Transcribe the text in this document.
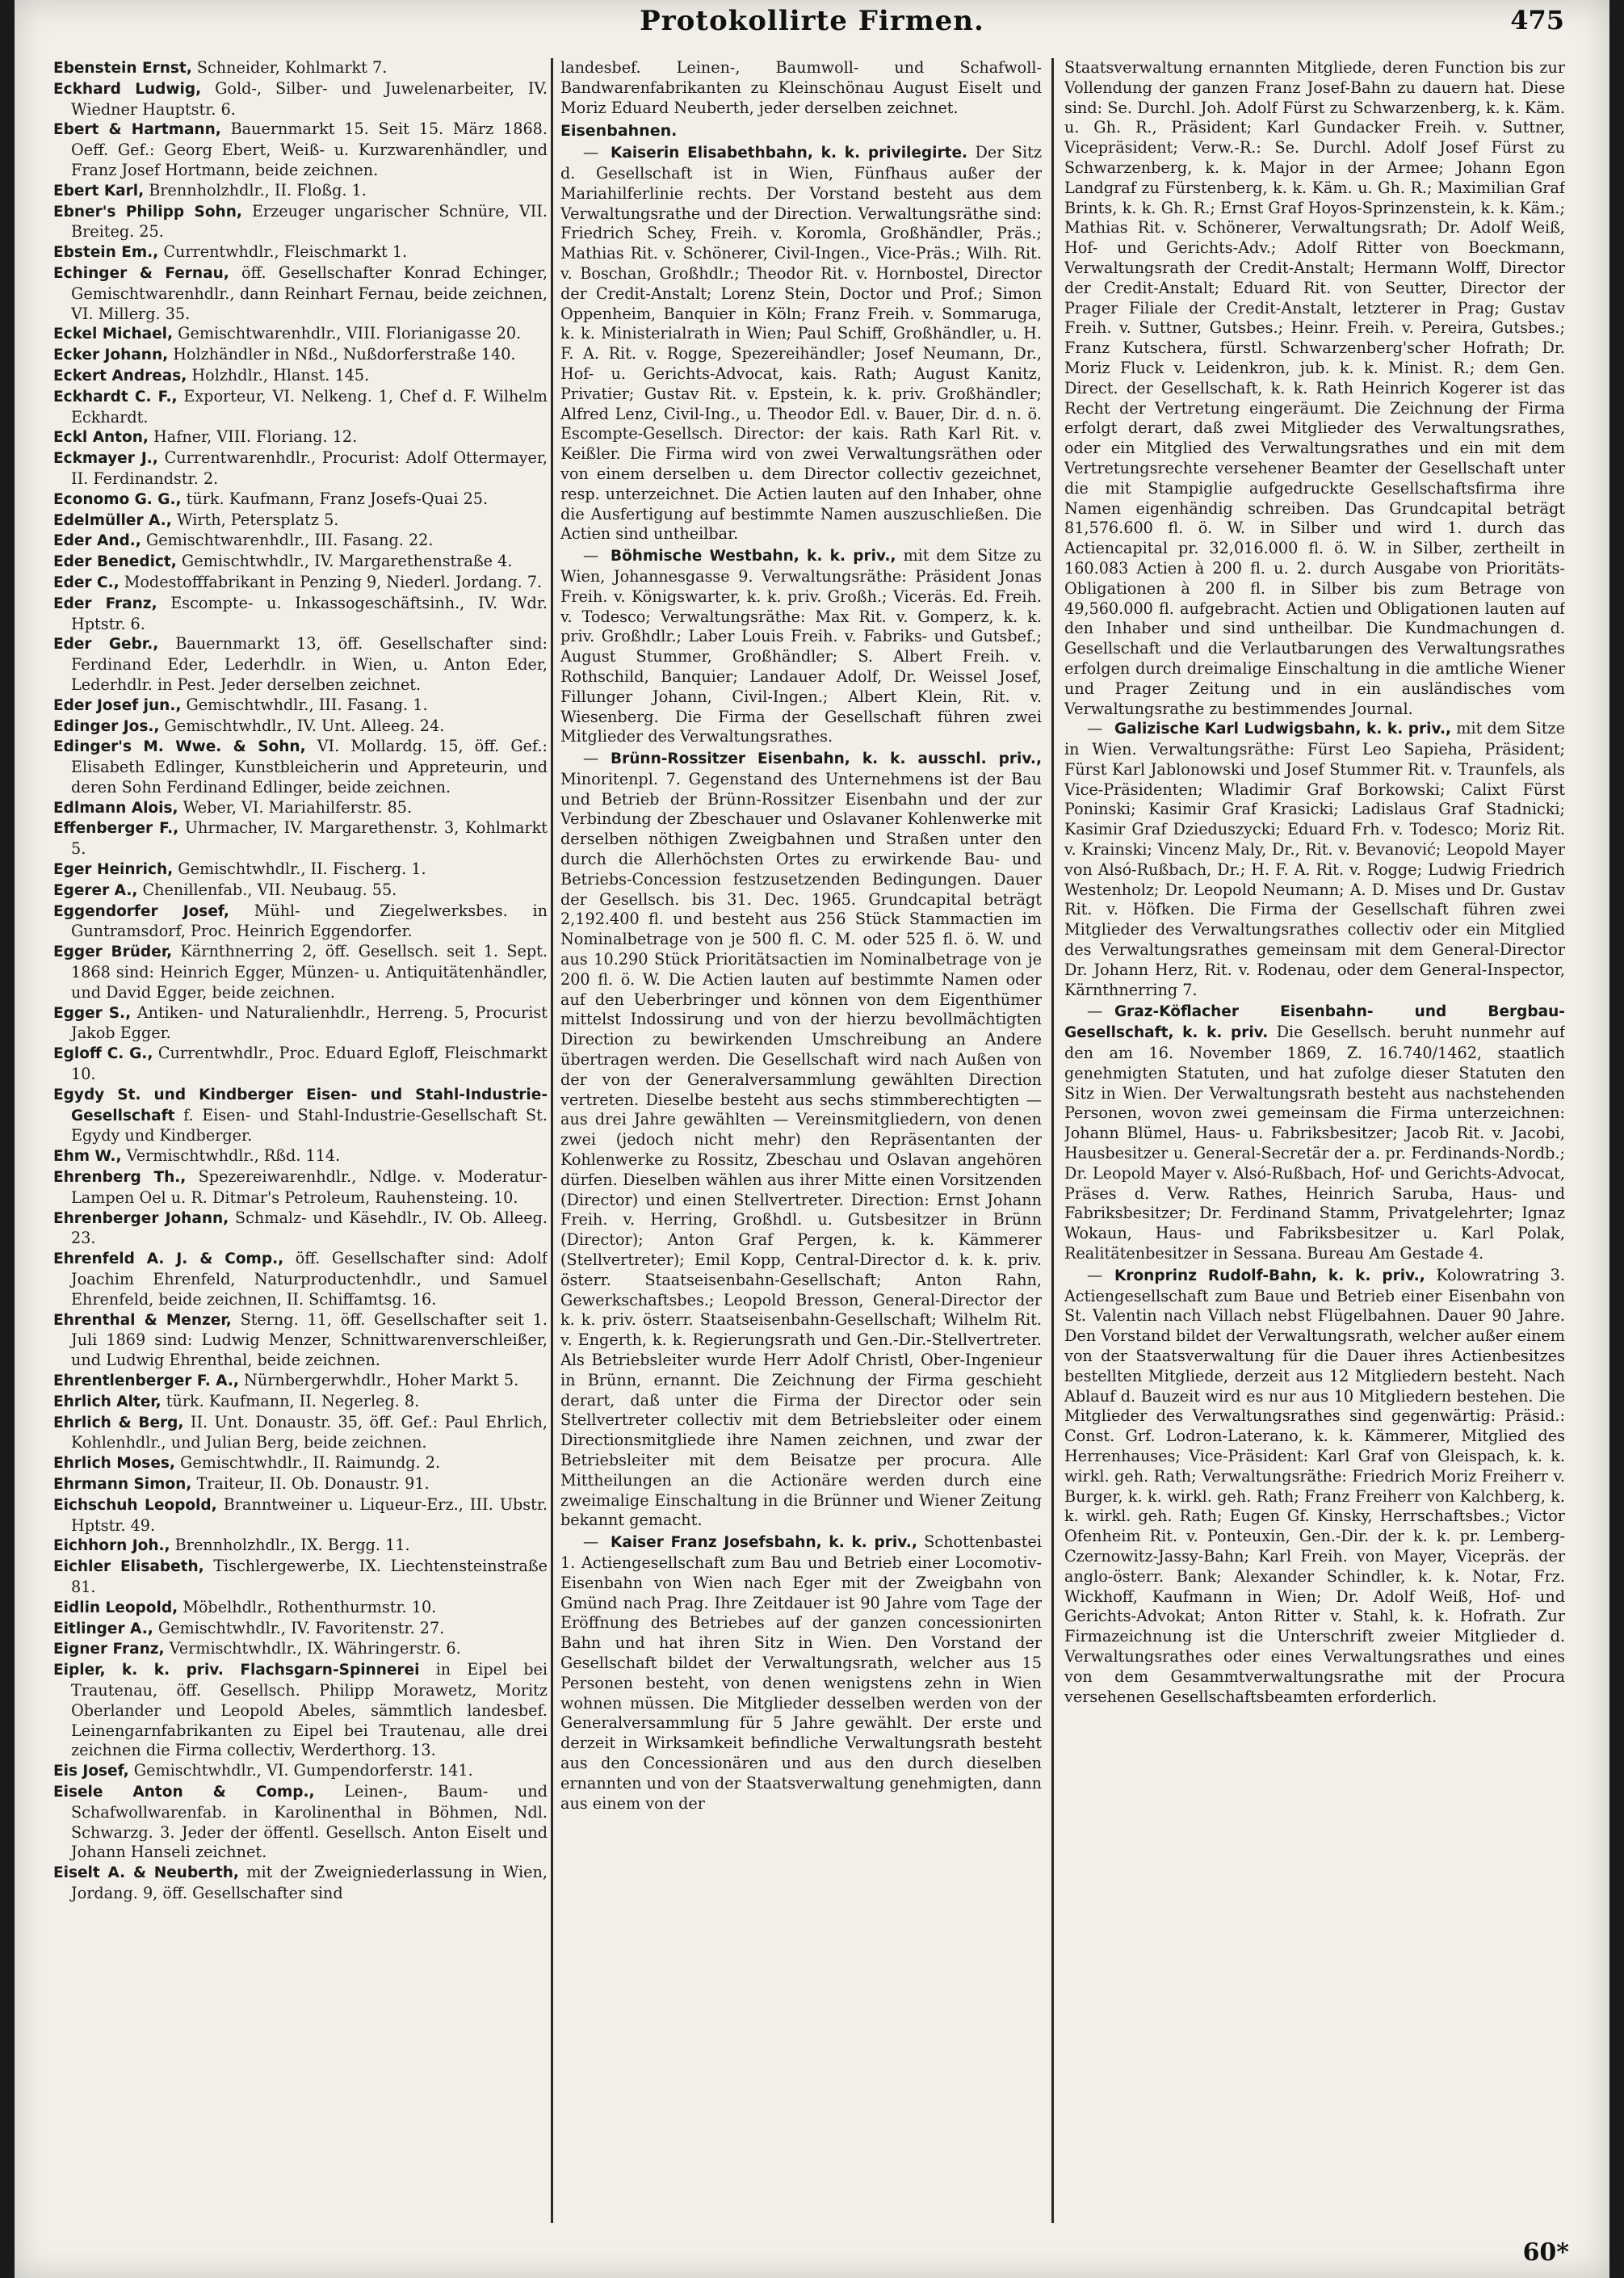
Protokollirte Firmen.	475
Ebenstein Ernst, Schneider, Kohlmarkt 7.
Eckhard Ludwig, Gold-, Silber- und Juwelenarbeiter, IV. Wiedner Hauptstr. 6.
Ebert & Hartmann, Bauernmarkt 15. Seit 15. März 1868. Oeff. Gef.: Georg Ebert, Weiß- u. Kurzwarenhändler, und Franz Josef Hortmann, beide zeichnen.
Ebert Karl, Brennholzhdlr., II. Floßg. 1.
Ebner's Philipp Sohn, Erzeuger ungarischer Schnüre, VII. Breiteg. 25.
Ebstein Em., Currentwhdlr., Fleischmarkt 1.
Echinger & Fernau, öff. Gesellschafter Konrad Echinger, Gemischtwarenhdlr., dann Reinhart Fernau, beide zeichnen, VI. Millerg. 35.
Eckel Michael, Gemischtwarenhdlr., VIII. Florianigasse 20.
Ecker Johann, Holzhändler in Nßd., Nußdorferstraße 140.
Eckert Andreas, Holzhdlr., Hlanst. 145.
Eckhardt C. F., Exporteur, VI. Nelkeng. 1, Chef d. F. Wilhelm Eckhardt.
Eckl Anton, Hafner, VIII. Floriang. 12.
Eckmayer J., Currentwarenhdlr., Procurist: Adolf Ottermayer, II. Ferdinandstr. 2.
Economo G. G., türk. Kaufmann, Franz Josefs-Quai 25.
Edelmüller A., Wirth, Petersplatz 5.
Eder And., Gemischtwarenhdlr., III. Fasang. 22.
Eder Benedict, Gemischtwhdlr., IV. Margarethenstraße 4.
Eder C., Modestofffabrikant in Penzing 9, Niederl. Jordang. 7.
Eder Franz, Escompte- u. Inkassogeschäftsinh., IV. Wdr. Hptstr. 6.
Eder Gebr., Bauernmarkt 13, öff. Gesellschafter sind: Ferdinand Eder, Lederhdlr. in Wien, u. Anton Eder, Lederhdlr. in Pest. Jeder derselben zeichnet.
Eder Josef jun., Gemischtwhdlr., III. Fasang. 1.
Edinger Jos., Gemischtwhdlr., IV. Unt. Alleeg. 24.
Edinger's M. Wwe. & Sohn, VI. Mollardg. 15, öff. Gef.: Elisabeth Edlinger, Kunstbleicherin und Appreteurin, und deren Sohn Ferdinand Edlinger, beide zeichnen.
Edlmann Alois, Weber, VI. Mariahilferstr. 85.
Effenberger F., Uhrmacher, IV. Margarethenstr. 3, Kohlmarkt 5.
Eger Heinrich, Gemischtwhdlr., II. Fischerg. 1.
Egerer A., Chenillenfab., VII. Neubaug. 55.
Eggendorfer Josef, Mühl- und Ziegelwerksbes. in Guntramsdorf, Proc. Heinrich Eggendorfer.
Egger Brüder, Kärnthnerring 2, öff. Gesellsch. seit 1. Sept. 1868 sind: Heinrich Egger, Münzen- u. Antiquitätenhändler, und David Egger, beide zeichnen.
Egger S., Antiken- und Naturalienhdlr., Herreng. 5, Procurist Jakob Egger.
Egloff C. G., Currentwhdlr., Proc. Eduard Egloff, Fleischmarkt 10.
Egydy St. und Kindberger Eisen- und Stahl-Industrie-Gesellschaft f. Eisen- und Stahl-Industrie-Gesellschaft St. Egydy und Kindberger.
Ehm W., Vermischtwhdlr., Rßd. 114.
Ehrenberg Th., Spezereiwarenhdlr., Ndlge. v. Moderatur-Lampen Oel u. R. Ditmar's Petroleum, Rauhensteing. 10.
Ehrenberger Johann, Schmalz- und Käsehdlr., IV. Ob. Alleeg. 23.
Ehrenfeld A. J. & Comp., öff. Gesellschafter sind: Adolf Joachim Ehrenfeld, Naturproductenhdlr., und Samuel Ehrenfeld, beide zeichnen, II. Schiffamtsg. 16.
Ehrenthal & Menzer, Sterng. 11, öff. Gesellschafter seit 1. Juli 1869 sind: Ludwig Menzer, Schnittwarenverschleißer, und Ludwig Ehrenthal, beide zeichnen.
Ehrentlenberger F. A., Nürnbergerwhdlr., Hoher Markt 5.
Ehrlich Alter, türk. Kaufmann, II. Negerleg. 8.
Ehrlich & Berg, II. Unt. Donaustr. 35, öff. Gef.: Paul Ehrlich, Kohlenhdlr., und Julian Berg, beide zeichnen.
Ehrlich Moses, Gemischtwhdlr., II. Raimundg. 2.
Ehrmann Simon, Traiteur, II. Ob. Donaustr. 91.
Eichschuh Leopold, Branntweiner u. Liqueur-Erz., III. Ubstr. Hptstr. 49.
Eichhorn Joh., Brennholzhdlr., IX. Bergg. 11.
Eichler Elisabeth, Tischlergewerbe, IX. Liechtensteinstraße 81.
Eidlin Leopold, Möbelhdlr., Rothenthurmstr. 10.
Eitlinger A., Gemischtwhdlr., IV. Favoritenstr. 27.
Eigner Franz, Vermischtwhdlr., IX. Währingerstr. 6.
Eipler, k. k. priv. Flachsgarn-Spinnerei in Eipel bei Trautenau, öff. Gesellsch. Philipp Morawetz, Moritz Oberlander und Leopold Abeles, sämmtlich landesbef. Leinengarnfabrikanten zu Eipel bei Trautenau, alle drei zeichnen die Firma collectiv, Werderthorg. 13.
Eis Josef, Gemischtwhdlr., VI. Gumpendorferstr. 141.
Eisele Anton & Comp., Leinen-, Baum- und Schafwollwarenfab. in Karolinenthal in Böhmen, Ndl. Schwarzg. 3. Jeder der öffentl. Gesellsch. Anton Eiselt und Johann Hanseli zeichnet.
Eiselt A. & Neuberth, mit der Zweigniederlassung in Wien, Jordang. 9, öff. Gesellschafter sind
landesbef. Leinen-, Baumwoll- und Schafwoll-Bandwarenfabrikanten zu Kleinschönau August Eiselt und Moriz Eduard Neuberth, jeder derselben zeichnet.
Eisenbahnen.
— Kaiserin Elisabethbahn, k. k. privilegirte. Der Sitz d. Gesellschaft ist in Wien, Fünfhaus außer der Mariahilferlinie rechts. Der Vorstand besteht aus dem Verwaltungsrathe und der Direction. Verwaltungsräthe sind: Friedrich Schey, Freih. v. Koromla, Großhändler, Präs.; Mathias Rit. v. Schönerer, Civil-Ingen., Vice-Präs.; Wilh. Rit. v. Boschan, Großhdlr.; Theodor Rit. v. Hornbostel, Director der Credit-Anstalt; Lorenz Stein, Doctor und Prof.; Simon Oppenheim, Banquier in Köln; Franz Freih. v. Sommaruga, k. k. Ministerialrath in Wien; Paul Schiff, Großhändler, u. H. F. A. Rit. v. Rogge, Spezereihändler; Josef Neumann, Dr., Hof- u. Gerichts-Advocat, kais. Rath; August Kanitz, Privatier; Gustav Rit. v. Epstein, k. k. priv. Großhändler; Alfred Lenz, Civil-Ing., u. Theodor Edl. v. Bauer, Dir. d. n. ö. Escompte-Gesellsch. Director: der kais. Rath Karl Rit. v. Keißler. Die Firma wird von zwei Verwaltungsräthen oder von einem derselben u. dem Director collectiv gezeichnet, resp. unterzeichnet. Die Actien lauten auf den Inhaber, ohne die Ausfertigung auf bestimmte Namen auszuschließen. Die Actien sind untheilbar.
— Böhmische Westbahn, k. k. priv., mit dem Sitze zu Wien, Johannesgasse 9. Verwaltungsräthe: Präsident Jonas Freih. v. Königswarter, k. k. priv. Großh.; Viceräs. Ed. Freih. v. Todesco; Verwaltungsräthe: Max Rit. v. Gomperz, k. k. priv. Großhdlr.; Laber Louis Freih. v. Fabriks- und Gutsbef.; August Stummer, Großhändler; S. Albert Freih. v. Rothschild, Banquier; Landauer Adolf, Dr. Weissel Josef, Fillunger Johann, Civil-Ingen.; Albert Klein, Rit. v. Wiesenberg. Die Firma der Gesellschaft führen zwei Mitglieder des Verwaltungsrathes.
— Brünn-Rossitzer Eisenbahn, k. k. ausschl. priv., Minoritenpl. 7. Gegenstand des Unternehmens ist der Bau und Betrieb der Brünn-Rossitzer Eisenbahn und der zur Verbindung der Zbeschauer und Oslavaner Kohlenwerke mit derselben nöthigen Zweigbahnen und Straßen unter den durch die Allerhöchsten Ortes zu erwirkende Bau- und Betriebs-Concession festzusetzenden Bedingungen. Dauer der Gesellsch. bis 31. Dec. 1965. Grundcapital beträgt 2,192.400 fl. und besteht aus 256 Stück Stammactien im Nominalbetrage von je 500 fl. C. M. oder 525 fl. ö. W. und aus 10.290 Stück Prioritätsactien im Nominalbetrage von je 200 fl. ö. W. Die Actien lauten auf bestimmte Namen oder auf den Ueberbringer und können von dem Eigenthümer mittelst Indossirung und von der hierzu bevollmächtigten Direction zu bewirkenden Umschreibung an Andere übertragen werden. Die Gesellschaft wird nach Außen von der von der Generalversammlung gewählten Direction vertreten. Dieselbe besteht aus sechs stimmberechtigten — aus drei Jahre gewählten — Vereinsmitgliedern, von denen zwei (jedoch nicht mehr) den Repräsentanten der Kohlenwerke zu Rossitz, Zbeschau und Oslavan angehören dürfen. Dieselben wählen aus ihrer Mitte einen Vorsitzenden (Director) und einen Stellvertreter. Direction: Ernst Johann Freih. v. Herring, Großhdl. u. Gutsbesitzer in Brünn (Director); Anton Graf Pergen, k. k. Kämmerer (Stellvertreter); Emil Kopp, Central-Director d. k. k. priv. österr. Staatseisenbahn-Gesellschaft; Anton Rahn, Gewerkschaftsbes.; Leopold Bresson, General-Director der k. k. priv. österr. Staatseisenbahn-Gesellschaft; Wilhelm Rit. v. Engerth, k. k. Regierungsrath und Gen.-Dir.-Stellvertreter. Als Betriebsleiter wurde Herr Adolf Christl, Ober-Ingenieur in Brünn, ernannt. Die Zeichnung der Firma geschieht derart, daß unter die Firma der Director oder sein Stellvertreter collectiv mit dem Betriebsleiter oder einem Directionsmitgliede ihre Namen zeichnen, und zwar der Betriebsleiter mit dem Beisatze per procura. Alle Mittheilungen an die Actionäre werden durch eine zweimalige Einschaltung in die Brünner und Wiener Zeitung bekannt gemacht.
— Kaiser Franz Josefsbahn, k. k. priv., Schottenbastei 1. Actiengesellschaft zum Bau und Betrieb einer Locomotiv-Eisenbahn von Wien nach Eger mit der Zweigbahn von Gmünd nach Prag. Ihre Zeitdauer ist 90 Jahre vom Tage der Eröffnung des Betriebes auf der ganzen concessionirten Bahn und hat ihren Sitz in Wien. Den Vorstand der Gesellschaft bildet der Verwaltungsrath, welcher aus 15 Personen besteht, von denen wenigstens zehn in Wien wohnen müssen. Die Mitglieder desselben werden von der Generalversammlung für 5 Jahre gewählt. Der erste und derzeit in Wirksamkeit befindliche Verwaltungsrath besteht aus den Concessionären und aus den durch dieselben ernannten und von der Staatsverwaltung genehmigten, dann aus einem von der
Staatsverwaltung ernannten Mitgliede, deren Function bis zur Vollendung der ganzen Franz Josef-Bahn zu dauern hat. Diese sind: Se. Durchl. Joh. Adolf Fürst zu Schwarzenberg, k. k. Käm. u. Gh. R., Präsident; Karl Gundacker Freih. v. Suttner, Vicepräsident; Verw.-R.: Se. Durchl. Adolf Josef Fürst zu Schwarzenberg, k. k. Major in der Armee; Johann Egon Landgraf zu Fürstenberg, k. k. Käm. u. Gh. R.; Maximilian Graf Brints, k. k. Gh. R.; Ernst Graf Hoyos-Sprinzenstein, k. k. Käm.; Mathias Rit. v. Schönerer, Verwaltungsrath; Dr. Adolf Weiß, Hof- und Gerichts-Adv.; Adolf Ritter von Boeckmann, Verwaltungsrath der Credit-Anstalt; Hermann Wolff, Director der Credit-Anstalt; Eduard Rit. von Seutter, Director der Prager Filiale der Credit-Anstalt, letzterer in Prag; Gustav Freih. v. Suttner, Gutsbes.; Heinr. Freih. v. Pereira, Gutsbes.; Franz Kutschera, fürstl. Schwarzenberg'scher Hofrath; Dr. Moriz Fluck v. Leidenkron, jub. k. k. Minist. R.; dem Gen. Direct. der Gesellschaft, k. k. Rath Heinrich Kogerer ist das Recht der Vertretung eingeräumt. Die Zeichnung der Firma erfolgt derart, daß zwei Mitglieder des Verwaltungsrathes, oder ein Mitglied des Verwaltungsrathes und ein mit dem Vertretungsrechte versehener Beamter der Gesellschaft unter die mit Stampiglie aufgedruckte Gesellschaftsfirma ihre Namen eigenhändig schreiben. Das Grundcapital beträgt 81,576.600 fl. ö. W. in Silber und wird 1. durch das Actiencapital pr. 32,016.000 fl. ö. W. in Silber, zertheilt in 160.083 Actien à 200 fl. u. 2. durch Ausgabe von Prioritäts-Obligationen à 200 fl. in Silber bis zum Betrage von 49,560.000 fl. aufgebracht. Actien und Obligationen lauten auf den Inhaber und sind untheilbar. Die Kundmachungen d. Gesellschaft und die Verlautbarungen des Verwaltungsrathes erfolgen durch dreimalige Einschaltung in die amtliche Wiener und Prager Zeitung und in ein ausländisches vom Verwaltungsrathe zu bestimmendes Journal.
— Galizische Karl Ludwigsbahn, k. k. priv., mit dem Sitze in Wien. Verwaltungsräthe: Fürst Leo Sapieha, Präsident; Fürst Karl Jablonowski und Josef Stummer Rit. v. Traunfels, als Vice-Präsidenten; Wladimir Graf Borkowski; Calixt Fürst Poninski; Kasimir Graf Krasicki; Ladislaus Graf Stadnicki; Kasimir Graf Dzieduszycki; Eduard Frh. v. Todesco; Moriz Rit. v. Krainski; Vincenz Maly, Dr., Rit. v. Bevanović; Leopold Mayer von Alsó-Rußbach, Dr.; H. F. A. Rit. v. Rogge; Ludwig Friedrich Westenholz; Dr. Leopold Neumann; A. D. Mises und Dr. Gustav Rit. v. Höfken. Die Firma der Gesellschaft führen zwei Mitglieder des Verwaltungsrathes collectiv oder ein Mitglied des Verwaltungsrathes gemeinsam mit dem General-Director Dr. Johann Herz, Rit. v. Rodenau, oder dem General-Inspector, Kärnthnerring 7.
— Graz-Köflacher Eisenbahn- und Bergbau-Gesellschaft, k. k. priv. Die Gesellsch. beruht nunmehr auf den am 16. November 1869, Z. 16.740/1462, staatlich genehmigten Statuten, und hat zufolge dieser Statuten den Sitz in Wien. Der Verwaltungsrath besteht aus nachstehenden Personen, wovon zwei gemeinsam die Firma unterzeichnen: Johann Blümel, Haus- u. Fabriksbesitzer; Jacob Rit. v. Jacobi, Hausbesitzer u. General-Secretär der a. pr. Ferdinands-Nordb.; Dr. Leopold Mayer v. Alsó-Rußbach, Hof- und Gerichts-Advocat, Präses d. Verw. Rathes, Heinrich Saruba, Haus- und Fabriksbesitzer; Dr. Ferdinand Stamm, Privatgelehrter; Ignaz Wokaun, Haus- und Fabriksbesitzer u. Karl Polak, Realitätenbesitzer in Sessana. Bureau Am Gestade 4.
— Kronprinz Rudolf-Bahn, k. k. priv., Kolowratring 3. Actiengesellschaft zum Baue und Betrieb einer Eisenbahn von St. Valentin nach Villach nebst Flügelbahnen. Dauer 90 Jahre. Den Vorstand bildet der Verwaltungsrath, welcher außer einem von der Staatsverwaltung für die Dauer ihres Actienbesitzes bestellten Mitgliede, derzeit aus 12 Mitgliedern besteht. Nach Ablauf d. Bauzeit wird es nur aus 10 Mitgliedern bestehen. Die Mitglieder des Verwaltungsrathes sind gegenwärtig: Präsid.: Const. Grf. Lodron-Laterano, k. k. Kämmerer, Mitglied des Herrenhauses; Vice-Präsident: Karl Graf von Gleispach, k. k. wirkl. geh. Rath; Verwaltungsräthe: Friedrich Moriz Freiherr v. Burger, k. k. wirkl. geh. Rath; Franz Freiherr von Kalchberg, k. k. wirkl. geh. Rath; Eugen Gf. Kinsky, Herrschaftsbes.; Victor Ofenheim Rit. v. Ponteuxin, Gen.-Dir. der k. k. pr. Lemberg-Czernowitz-Jassy-Bahn; Karl Freih. von Mayer, Vicepräs. der anglo-österr. Bank; Alexander Schindler, k. k. Notar, Frz. Wickhoff, Kaufmann in Wien; Dr. Adolf Weiß, Hof- und Gerichts-Advokat; Anton Ritter v. Stahl, k. k. Hofrath. Zur Firmazeichnung ist die Unterschrift zweier Mitglieder d. Verwaltungsrathes oder eines Verwaltungsrathes und eines von dem Gesammtverwaltungsrathe mit der Procura versehenen Gesellschaftsbeamten erforderlich.
60*
